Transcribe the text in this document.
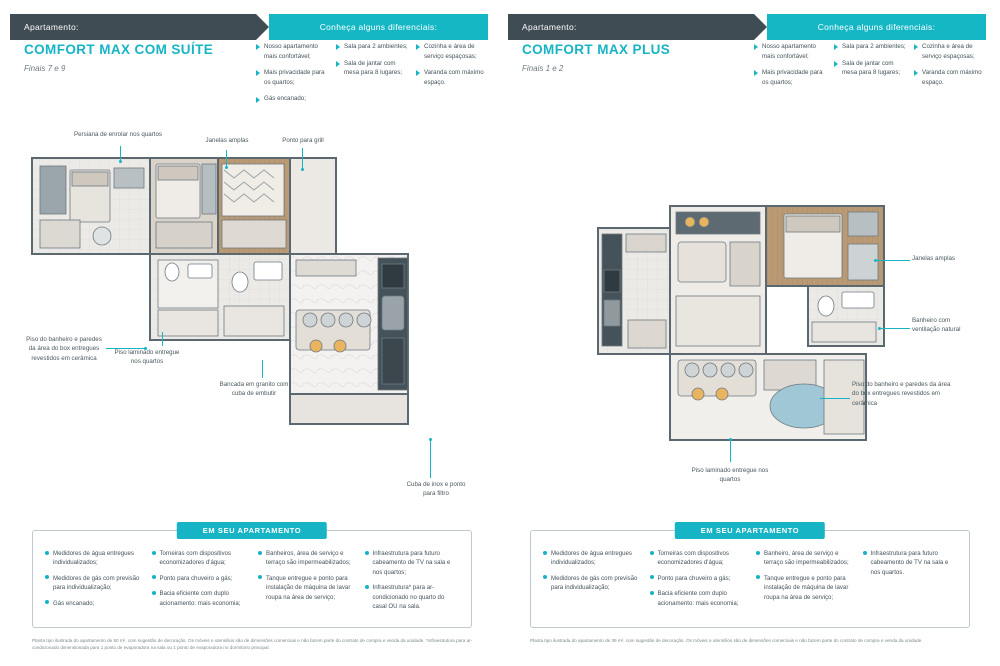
Apartamento:	Conheça alguns diferenciais:
COMFORT MAX COM SUÍTE
Finais 7 e 9
Nosso apartamento mais confortável;
Mais privacidade para os quartos;
Gás encanado;
Sala para 2 ambientes;
Sala de jantar com mesa para 8 lugares;
Cozinha e área de serviço espaçosas;
Varanda com máximo espaço.
Persiana de enrolar nos quartos
Janelas amplas	Ponto para grill
Piso do banheiro e paredes da área do box entregues revestidos em cerâmica
Piso laminado entregue nos quartos
Bancada em granito com cuba de embutir
Cuba de inox e ponto para filtro
EM SEU APARTAMENTO
Medidores de água entregues individualizados;
Medidores de gás com previsão para individualização;
Gás encanado;
Torneiras com dispositivos economizadores d'água;
Ponto para chuveiro a gás;
Bacia eficiente com duplo acionamento: mais economia;
Banheiros, área de serviço e terraço são impermeabilizados;
Tanque entregue e ponto para instalação de máquina de lavar roupa na área de serviço;
Infraestrutura para futuro cabeamento de TV na sala e nos quartos;
Infraestrutura* para ar-condicionado no quarto do casal OU na sala.
Planta tipo ilustrada do apartamento de 50 m², com sugestão de decoração. Os móveis e utensílios são de dimensões comerciais e não fazem parte do contrato de compra e venda da unidade. *Infraestrutura para ar-condicionado dimensionada para 1 ponto de evaporadora na sala ou 1 ponto de evaporadora no dormitório principal.
Apartamento:	Conheça alguns diferenciais:
COMFORT MAX PLUS
Finais 1 e 2
Nosso apartamento mais confortável;
Mais privacidade para os quartos;
Sala para 2 ambientes;
Sala de jantar com mesa para 8 lugares;
Cozinha e área de serviço espaçosas;
Varanda com máximo espaço.
Janelas amplas
Banheiro com ventilação natural
Piso do banheiro e paredes da área do box entregues revestidos em cerâmica
Piso laminado entregue nos quartos
EM SEU APARTAMENTO
Medidores de água entregues individualizados;
Medidores de gás com previsão para individualização;
Torneiras com dispositivos economizadores d'água;
Ponto para chuveiro a gás;
Bacia eficiente com duplo acionamento: mais economia;
Banheiro, área de serviço e terraço são impermeabilizados;
Tanque entregue e ponto para instalação de máquina de lavar roupa na área de serviço;
Infraestrutura para futuro cabeamento de TV na sala e nos quartos.
Planta tipo ilustrada do apartamento de 39 m², com sugestão de decoração. Os móveis e utensílios são de dimensões comerciais e não fazem parte do contrato de compra e venda da unidade.
